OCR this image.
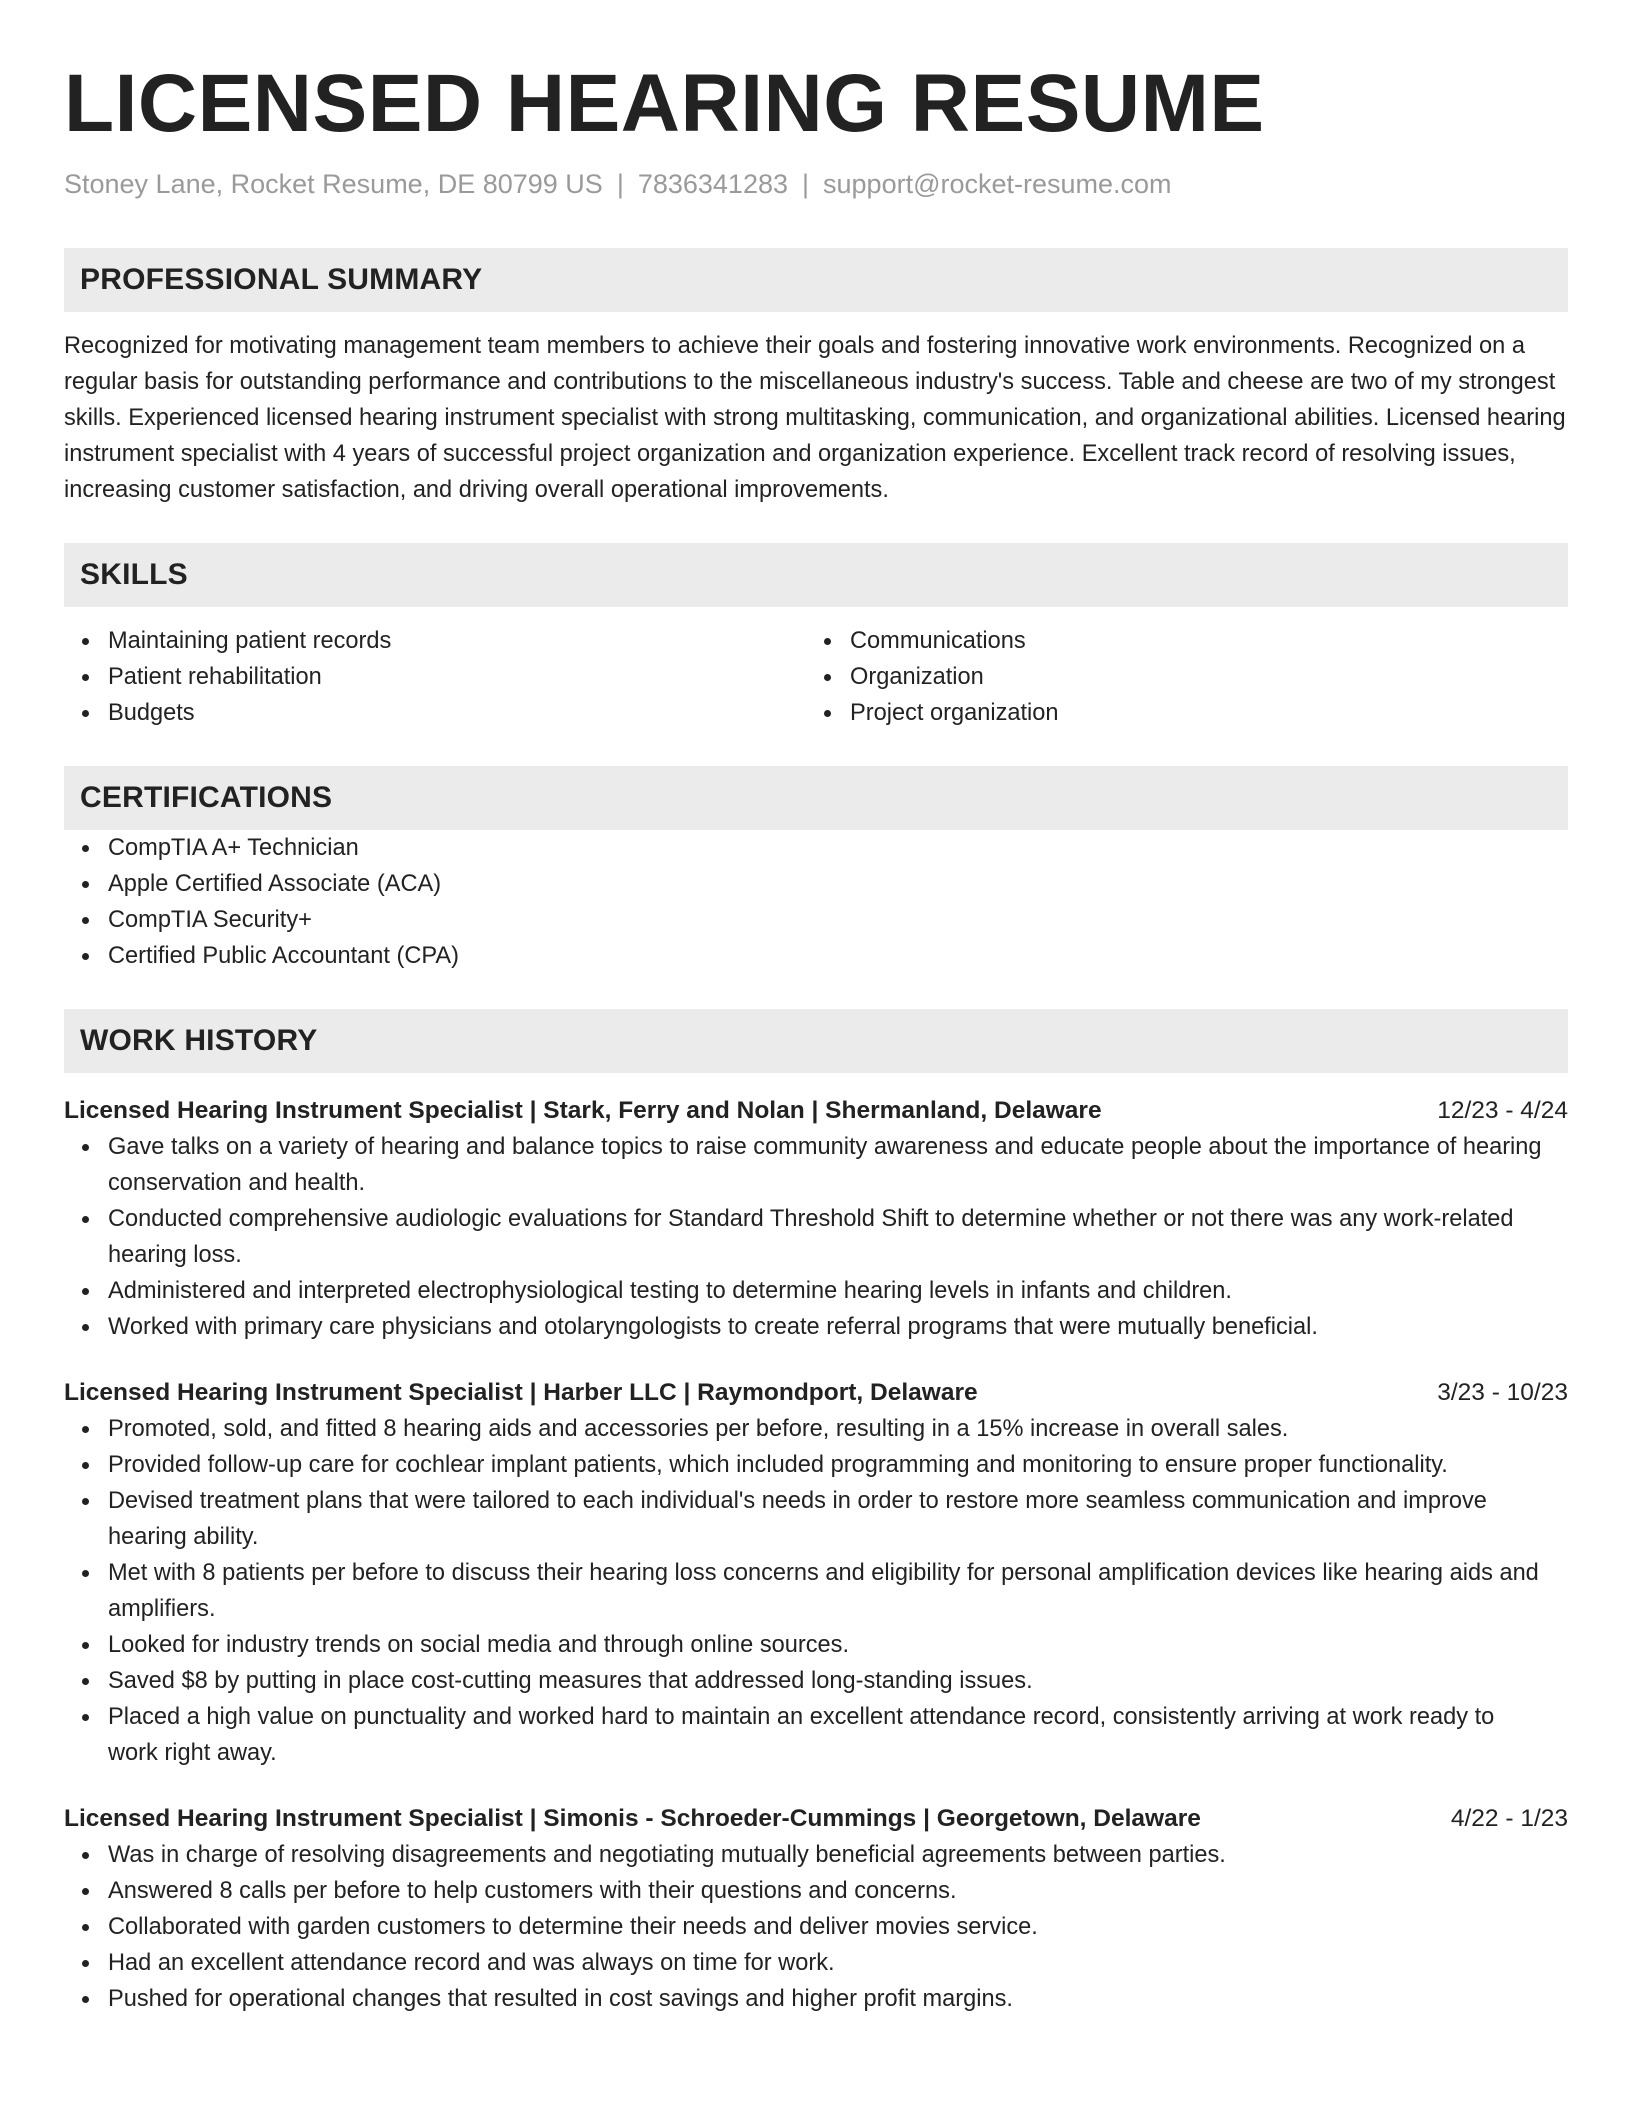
LICENSED HEARING RESUME
Stoney Lane, Rocket Resume, DE 80799 US | 7836341283 | support@rocket-resume.com
PROFESSIONAL SUMMARY

Recognized for motivating management team members to achieve their goals and fostering innovative work environments. Recognized on a regular basis for outstanding performance and contributions to the miscellaneous industry's success. Table and cheese are two of my strongest skills. Experienced licensed hearing instrument specialist with strong multitasking, communication, and organizational abilities. Licensed hearing instrument specialist with 4 years of successful project organization and organization experience. Excellent track record of resolving issues, increasing customer satisfaction, and driving overall operational improvements.

SKILLS
Maintaining patient records
Patient rehabilitation
Budgets
Communications
Organization
Project organization
CERTIFICATIONS
CompTIA A+ Technician
Apple Certified Associate (ACA)
CompTIA Security+
Certified Public Accountant (CPA)
WORK HISTORY
Licensed Hearing Instrument Specialist | Stark, Ferry and Nolan | Shermanland, Delaware	12/23 - 4/24
Gave talks on a variety of hearing and balance topics to raise community awareness and educate people about the importance of hearing conservation and health.
Conducted comprehensive audiologic evaluations for Standard Threshold Shift to determine whether or not there was any work-related hearing loss.
Administered and interpreted electrophysiological testing to determine hearing levels in infants and children.
Worked with primary care physicians and otolaryngologists to create referral programs that were mutually beneficial.
Licensed Hearing Instrument Specialist | Harber LLC | Raymondport, Delaware	3/23 - 10/23
Promoted, sold, and fitted 8 hearing aids and accessories per before, resulting in a 15% increase in overall sales.
Provided follow-up care for cochlear implant patients, which included programming and monitoring to ensure proper functionality.
Devised treatment plans that were tailored to each individual's needs in order to restore more seamless communication and improve hearing ability.
Met with 8 patients per before to discuss their hearing loss concerns and eligibility for personal amplification devices like hearing aids and amplifiers.
Looked for industry trends on social media and through online sources.
Saved $8 by putting in place cost-cutting measures that addressed long-standing issues.
Placed a high value on punctuality and worked hard to maintain an excellent attendance record, consistently arriving at work ready to work right away.
Licensed Hearing Instrument Specialist | Simonis - Schroeder-Cummings | Georgetown, Delaware	4/22 - 1/23
Was in charge of resolving disagreements and negotiating mutually beneficial agreements between parties.
Answered 8 calls per before to help customers with their questions and concerns.
Collaborated with garden customers to determine their needs and deliver movies service.
Had an excellent attendance record and was always on time for work.
Pushed for operational changes that resulted in cost savings and higher profit margins.
